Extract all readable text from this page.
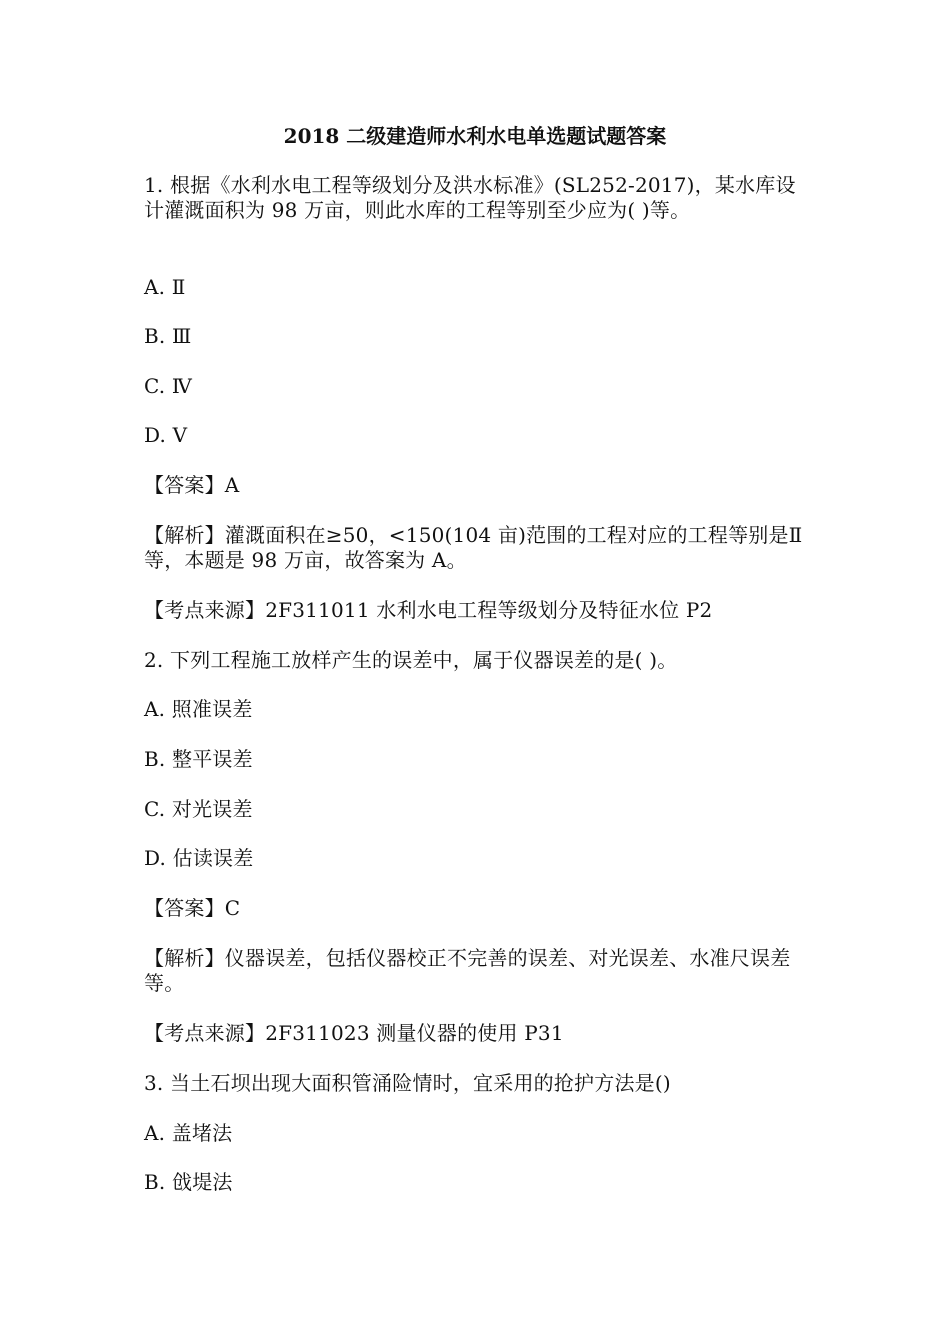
2018 二级建造师水利水电单选题试题答案
1. 根据《水利水电工程等级划分及洪水标准》(SL252-2017)，某水库设计灌溉面积为 98 万亩，则此水库的工程等别至少应为( )等。
A. Ⅱ
B. Ⅲ
C. Ⅳ
D. Ⅴ
【答案】A
【解析】灌溉面积在≥50，<150(104 亩)范围的工程对应的工程等别是Ⅱ等，本题是 98 万亩，故答案为 A。
【考点来源】2F311011 水利水电工程等级划分及特征水位 P2
2. 下列工程施工放样产生的误差中，属于仪器误差的是( )。
A. 照准误差
B. 整平误差
C. 对光误差
D. 估读误差
【答案】C
【解析】仪器误差，包括仪器校正不完善的误差、对光误差、水准尺误差等。
【考点来源】2F311023 测量仪器的使用 P31
3. 当土石坝出现大面积管涌险情时，宜采用的抢护方法是()
A. 盖堵法
B. 戗堤法
